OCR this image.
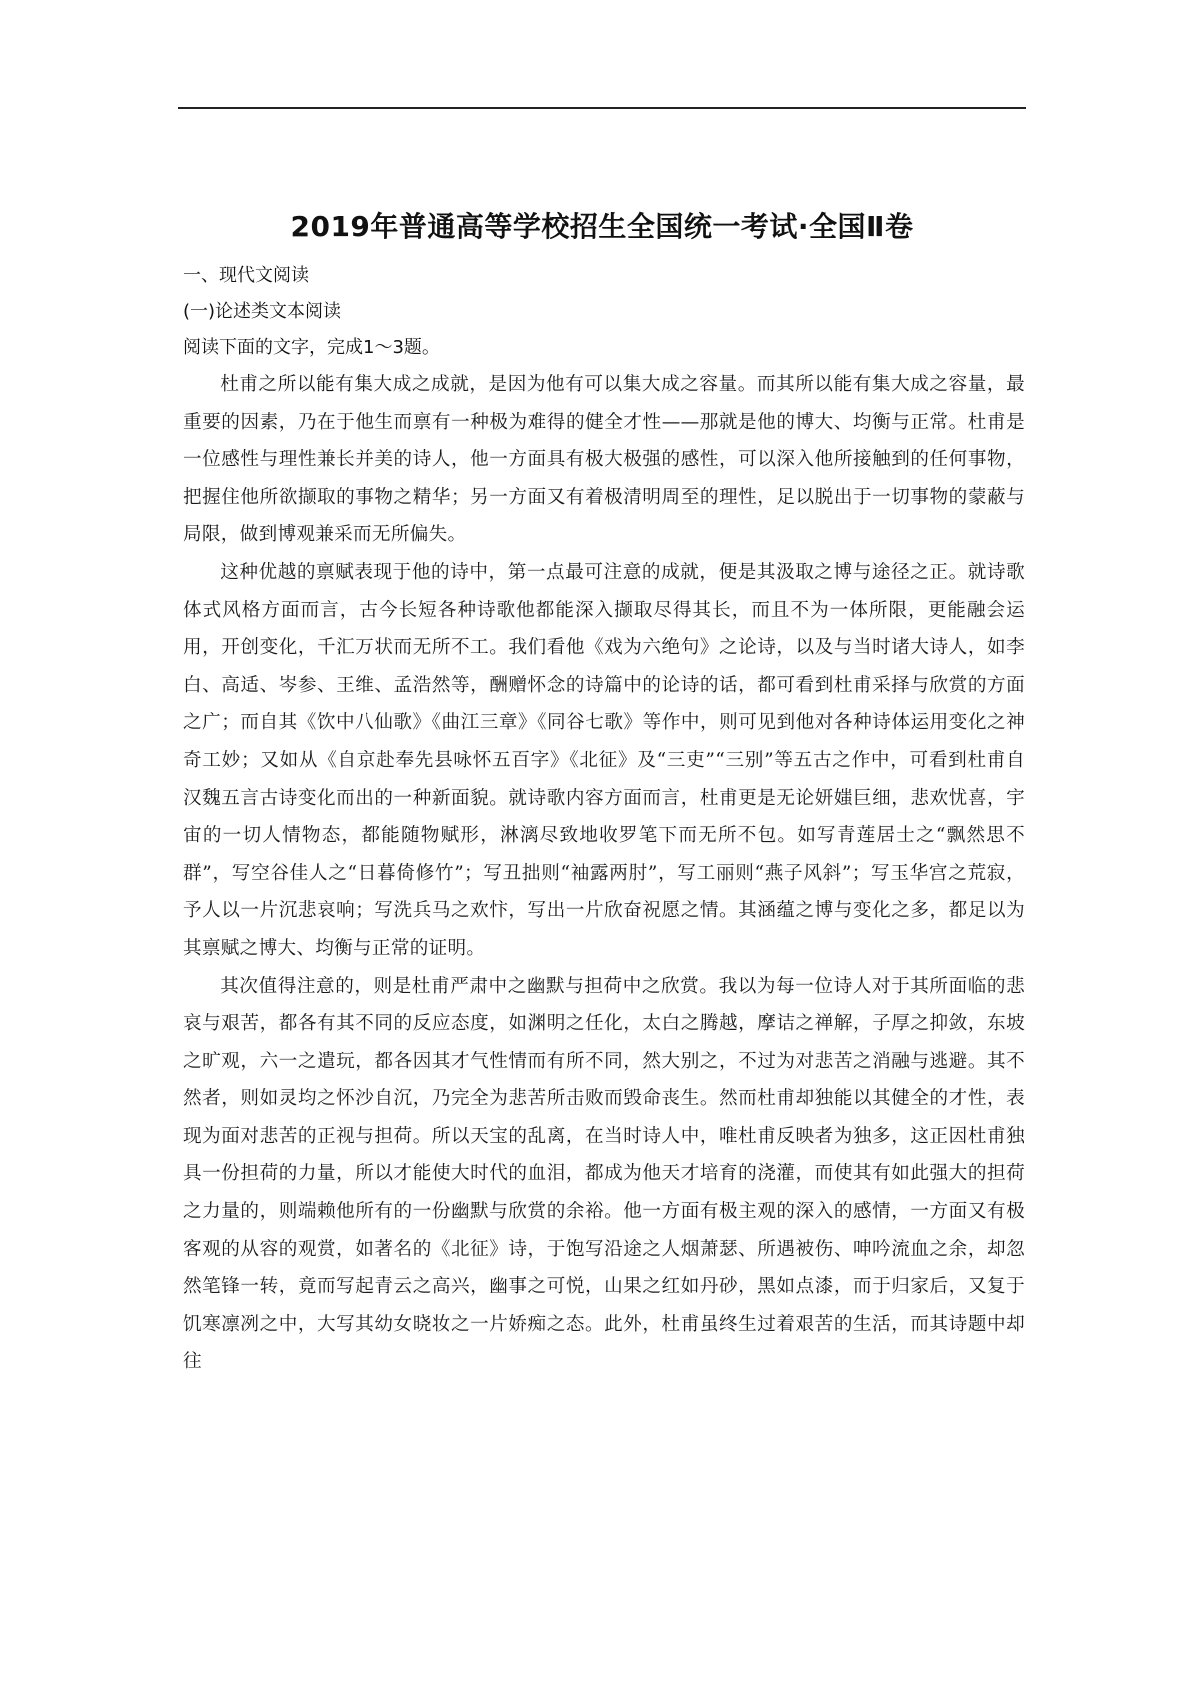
2019年普通高等学校招生全国统一考试·全国Ⅱ卷

一、现代文阅读

(一)论述类文本阅读

阅读下面的文字，完成1～3题。

杜甫之所以能有集大成之成就，是因为他有可以集大成之容量。而其所以能有集大成之容量，最重要的因素，乃在于他生而禀有一种极为难得的健全才性——那就是他的博大、均衡与正常。杜甫是一位感性与理性兼长并美的诗人，他一方面具有极大极强的感性，可以深入他所接触到的任何事物，把握住他所欲撷取的事物之精华；另一方面又有着极清明周至的理性，足以脱出于一切事物的蒙蔽与局限，做到博观兼采而无所偏失。

这种优越的禀赋表现于他的诗中，第一点最可注意的成就，便是其汲取之博与途径之正。就诗歌体式风格方面而言，古今长短各种诗歌他都能深入撷取尽得其长，而且不为一体所限，更能融会运用，开创变化，千汇万状而无所不工。我们看他《戏为六绝句》之论诗，以及与当时诸大诗人，如李白、高适、岑参、王维、孟浩然等，酬赠怀念的诗篇中的论诗的话，都可看到杜甫采择与欣赏的方面之广；而自其《饮中八仙歌》《曲江三章》《同谷七歌》等作中，则可见到他对各种诗体运用变化之神奇工妙；又如从《自京赴奉先县咏怀五百字》《北征》及“三吏”“三别”等五古之作中，可看到杜甫自汉魏五言古诗变化而出的一种新面貌。就诗歌内容方面而言，杜甫更是无论妍媸巨细，悲欢忧喜，宇宙的一切人情物态，都能随物赋形，淋漓尽致地收罗笔下而无所不包。如写青莲居士之“飘然思不群”，写空谷佳人之“日暮倚修竹”；写丑拙则“袖露两肘”，写工丽则“燕子风斜”；写玉华宫之荒寂，予人以一片沉悲哀响；写洗兵马之欢忭，写出一片欣奋祝愿之情。其涵蕴之博与变化之多，都足以为其禀赋之博大、均衡与正常的证明。

其次值得注意的，则是杜甫严肃中之幽默与担荷中之欣赏。我以为每一位诗人对于其所面临的悲哀与艰苦，都各有其不同的反应态度，如渊明之任化，太白之腾越，摩诘之禅解，子厚之抑敛，东坡之旷观，六一之遣玩，都各因其才气性情而有所不同，然大别之，不过为对悲苦之消融与逃避。其不然者，则如灵均之怀沙自沉，乃完全为悲苦所击败而毁命丧生。然而杜甫却独能以其健全的才性，表现为面对悲苦的正视与担荷。所以天宝的乱离，在当时诗人中，唯杜甫反映者为独多，这正因杜甫独具一份担荷的力量，所以才能使大时代的血泪，都成为他天才培育的浇灌，而使其有如此强大的担荷之力量的，则端赖他所有的一份幽默与欣赏的余裕。他一方面有极主观的深入的感情，一方面又有极客观的从容的观赏，如著名的《北征》诗，于饱写沿途之人烟萧瑟、所遇被伤、呻吟流血之余，却忽然笔锋一转，竟而写起青云之高兴，幽事之可悦，山果之红如丹砂，黑如点漆，而于归家后，又复于饥寒凛冽之中，大写其幼女晓妆之一片娇痴之态。此外，杜甫虽终生过着艰苦的生活，而其诗题中却往
